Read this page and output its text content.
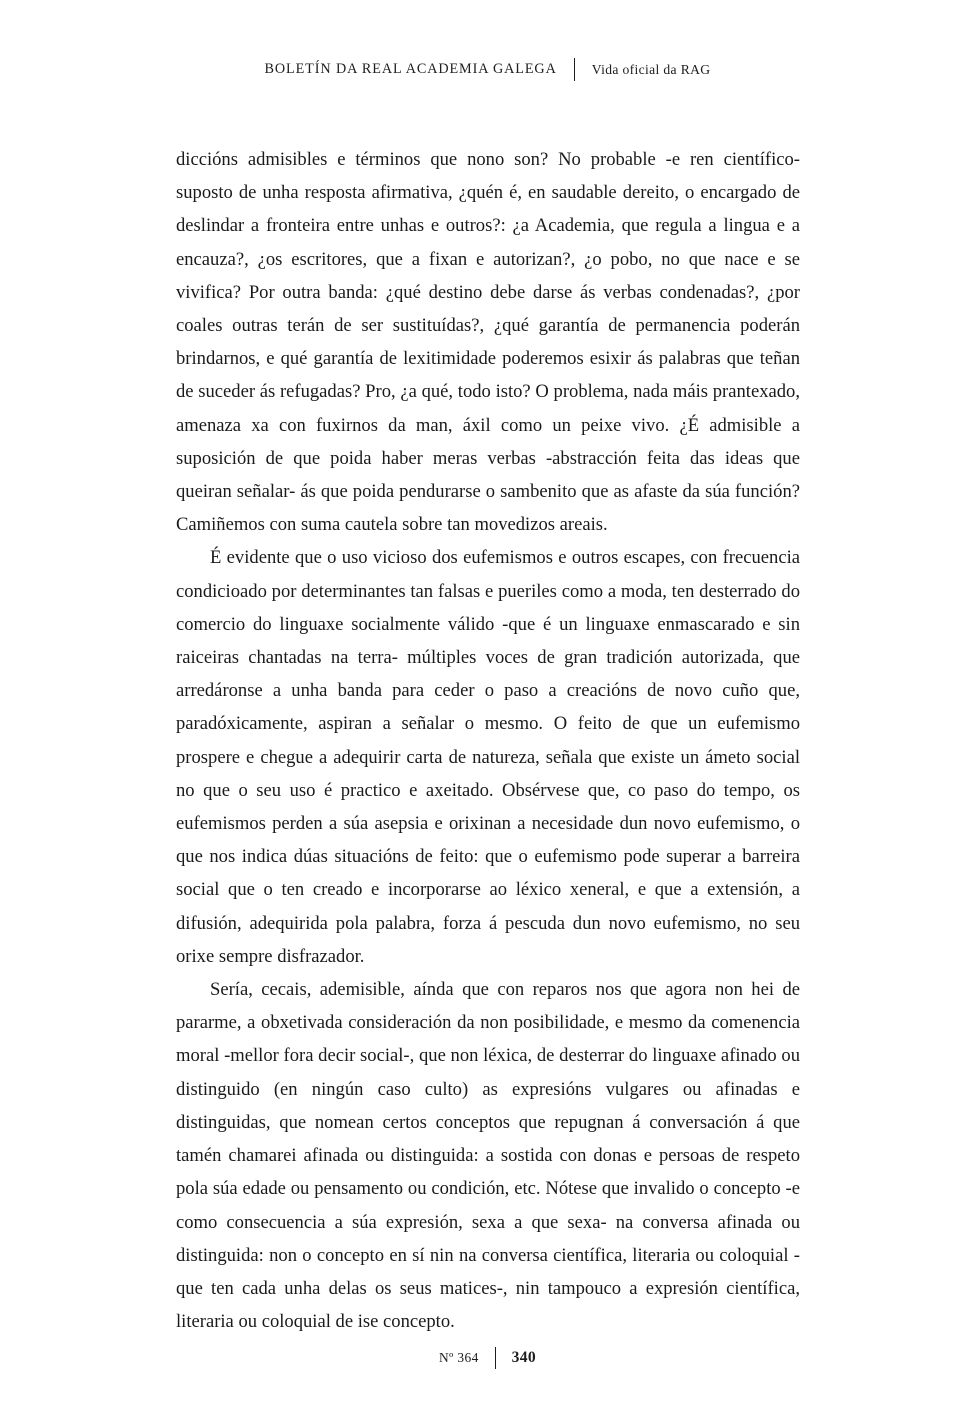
BOLETÍN DA REAL ACADEMIA GALEGA	Vida oficial da RAG

diccións admisibles e términos que nono son? No probable -e ren científico- suposto de unha resposta afirmativa, ¿quén é, en saudable dereito, o encargado de deslindar a fronteira entre unhas e outros?: ¿a Academia, que regula a lingua e a encauza?, ¿os escritores, que a fixan e autorizan?, ¿o pobo, no que nace e se vivifica? Por outra banda: ¿qué destino debe darse ás verbas condenadas?, ¿por coales outras terán de ser sustituídas?, ¿qué garantía de permanencia poderán brindarnos, e qué garantía de lexitimidade poderemos esixir ás palabras que teñan de suceder ás refugadas? Pro, ¿a qué, todo isto? O problema, nada máis prantexado, amenaza xa con fuxirnos da man, áxil como un peixe vivo. ¿É admisible a suposición de que poida haber meras verbas -abstracción feita das ideas que queiran señalar- ás que poida pendurarse o sambenito que as afaste da súa función? Camiñemos con suma cautela sobre tan movedizos areais.

É evidente que o uso vicioso dos eufemismos e outros escapes, con frecuencia condicioado por determinantes tan falsas e pueriles como a moda, ten desterrado do comercio do linguaxe socialmente válido -que é un linguaxe enmascarado e sin raiceiras chantadas na terra- múltiples voces de gran tradición autorizada, que arredáronse a unha banda para ceder o paso a creacións de novo cuño que, paradóxicamente, aspiran a señalar o mesmo. O feito de que un eufemismo prospere e chegue a adequirir carta de natureza, señala que existe un ámeto social no que o seu uso é practico e axeitado. Obsérvese que, co paso do tempo, os eufemismos perden a súa asepsia e orixinan a necesidade dun novo eufemismo, o que nos indica dúas situacións de feito: que o eufemismo pode superar a barreira social que o ten creado e incorporarse ao léxico xeneral, e que a extensión, a difusión, adequirida pola palabra, forza á pescuda dun novo eufemismo, no seu orixe sempre disfrazador.

Sería, cecais, ademisible, aínda que con reparos nos que agora non hei de pararme, a obxetivada consideración da non posibilidade, e mesmo da comenencia moral -mellor fora decir social-, que non léxica, de desterrar do linguaxe afinado ou distinguido (en ningún caso culto) as expresións vulgares ou afinadas e distinguidas, que nomean certos conceptos que repugnan á conversación á que tamén chamarei afinada ou distinguida: a sostida con donas e persoas de respeto pola súa edade ou pensamento ou condición, etc. Nótese que invalido o concepto -e como consecuencia a súa expresión, sexa a que sexa- na conversa afinada ou distinguida: non o concepto en sí nin na conversa científica, literaria ou coloquial -que ten cada unha delas os seus matices-, nin tampouco a expresión científica, literaria ou coloquial de ise concepto.

Nº 364	340
